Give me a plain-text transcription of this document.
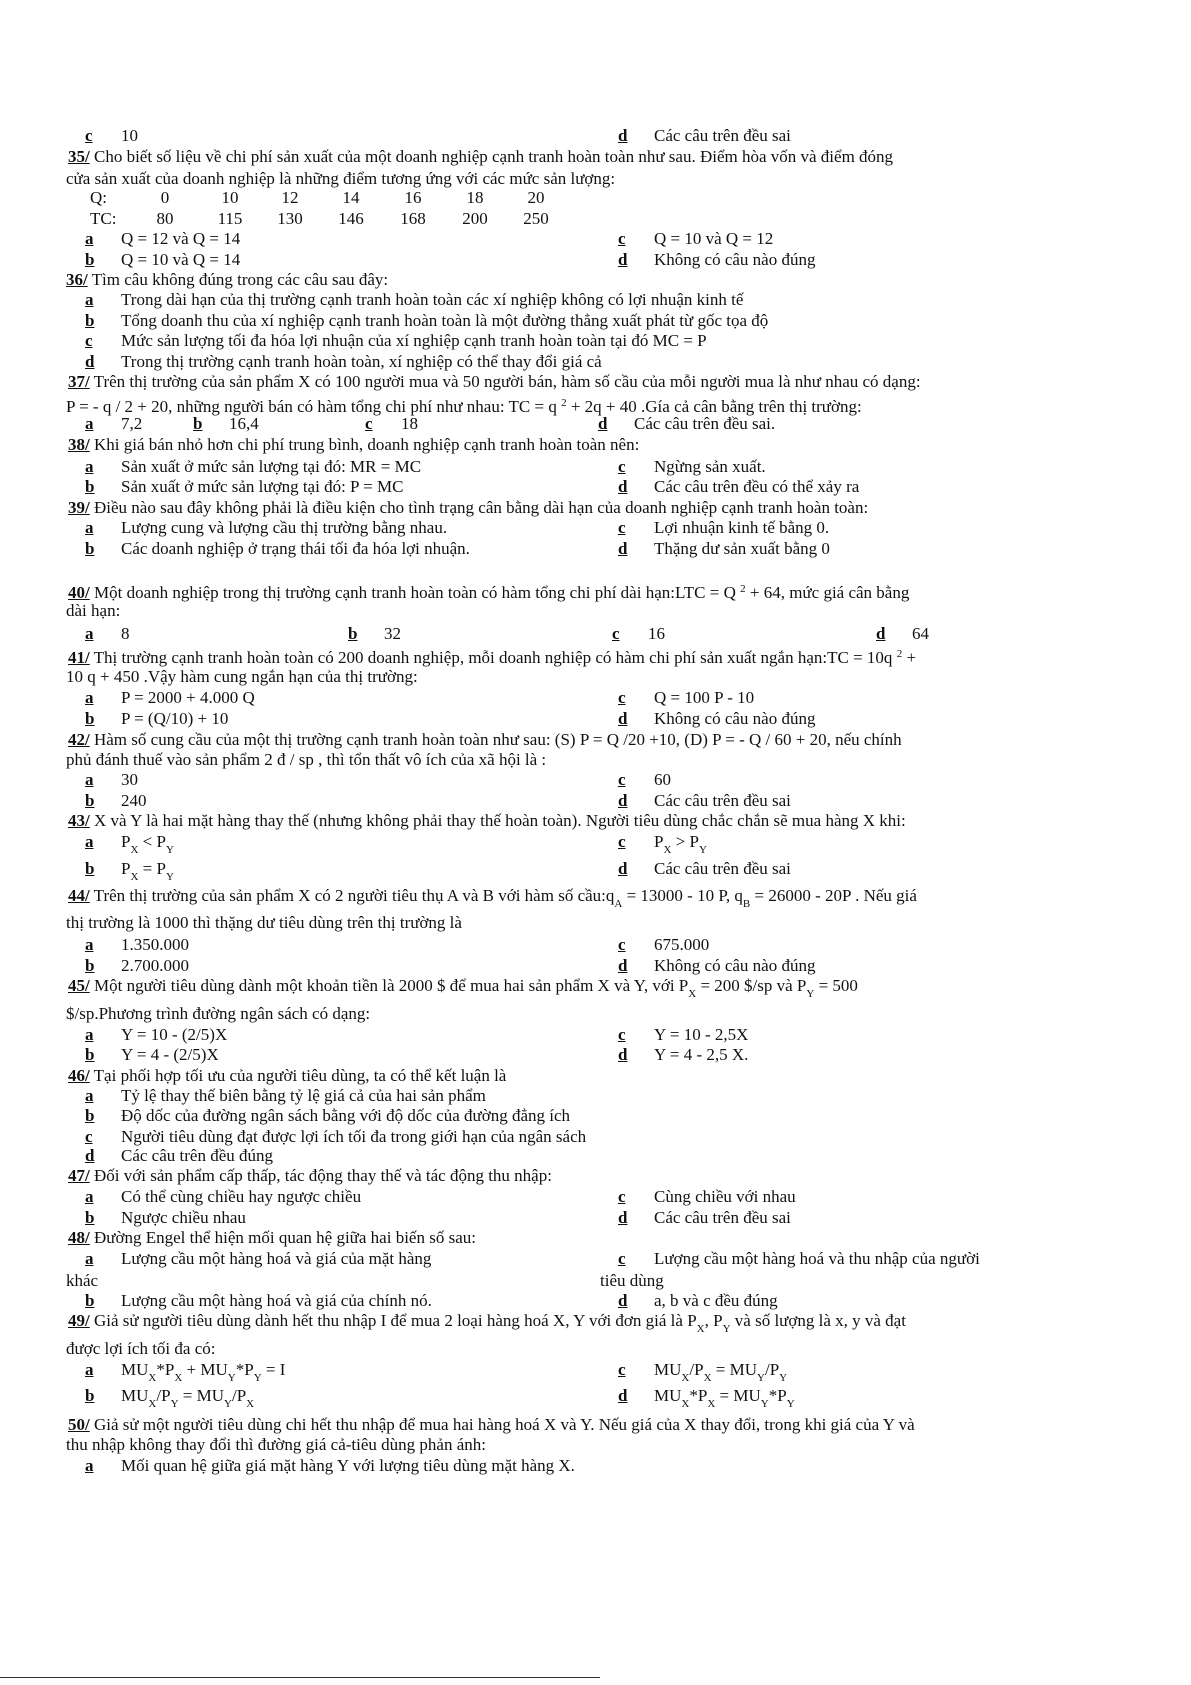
c 10	d Các câu trên đều sai
35/ Cho biết số liệu về chi phí sản xuất của một doanh nghiệp cạnh tranh hoàn toàn như sau. Điểm hòa vốn và điểm đóng
cửa sản xuất của doanh nghiệp là những điểm tương ứng với các mức sản lượng:
Q:	0	10	12	14	16	18	20
TC: 80	115 130 146 168 200 250
a Q = 12 và Q = 14	c Q = 10 và Q = 12
b Q = 10 và Q = 14	d Không có câu nào đúng
36/ Tìm câu không đúng trong các câu sau đây:
a Trong dài hạn của thị trường cạnh tranh hoàn toàn các xí nghiệp không có lợi nhuận kinh tế
b Tổng doanh thu của xí nghiệp cạnh tranh hoàn toàn là một đường thẳng xuất phát từ gốc tọa độ
c Mức sản lượng tối đa hóa lợi nhuận của xí nghiệp cạnh tranh hoàn toàn tại đó MC = P
d Trong thị trường cạnh tranh hoàn toàn, xí nghiệp có thể thay đổi giá cả
37/ Trên thị trường của sản phẩm X có 100 người mua và 50 người bán, hàm số cầu của mỗi người mua là như nhau có dạng:
P = - q / 2 + 20, những người bán có hàm tổng chi phí như nhau: TC = q $^2$ + 2q + 40 .Gía cả cân bằng trên thị trường:
a 7,2	b 16,4	c 18	d Các câu trên đều sai.
38/ Khi giá bán nhỏ hơn chi phí trung bình, doanh nghiệp cạnh tranh hoàn toàn nên:
a Sản xuất ở mức sản lượng tại đó: MR = MC	c Ngừng sản xuất.
b Sản xuất ở mức sản lượng tại đó: P = MC	d Các câu trên đều có thể xảy ra
39/ Điều nào sau đây không phải là điều kiện cho tình trạng cân bằng dài hạn của doanh nghiệp cạnh tranh hoàn toàn:
a Lượng cung và lượng cầu thị trường bằng nhau.	c Lợi nhuận kinh tế bằng 0.
b Các doanh nghiệp ở trạng thái tối đa hóa lợi nhuận.	d Thặng dư sản xuất bằng 0
40/ Một doanh nghiệp trong thị trường cạnh tranh hoàn toàn có hàm tổng chi phí dài hạn:LTC = Q $^2$ + 64, mức giá cân bằng
dài hạn:
a 8	b 32	c 16	d 64
41/ Thị trường cạnh tranh hoàn toàn có 200 doanh nghiệp, mỗi doanh nghiệp có hàm chi phí sản xuất ngắn hạn:TC = 10q $^2$ +
10 q + 450 .Vậy hàm cung ngắn hạn của thị trường:
a P = 2000 + 4.000 Q	c Q = 100 P - 10
b P = (Q/10) + 10	d Không có câu nào đúng
42/ Hàm số cung cầu của một thị trường cạnh tranh hoàn toàn như sau: (S) P = Q /20 +10, (D) P = - Q / 60 + 20, nếu chính
phủ đánh thuế vào sản phẩm 2 đ / sp , thì tổn thất vô ích của xã hội là :
a 30	c 60
b 240	d Các câu trên đều sai
43/ X và Y là hai mặt hàng thay thế (nhưng không phải thay thế hoàn toàn). Người tiêu dùng chắc chắn sẽ mua hàng X khi:
a $P_X < P_Y$	c $P_X > P_Y$
b $P_X = P_Y$	d Các câu trên đều sai
44/ Trên thị trường của sản phẩm X có 2 người tiêu thụ A và B với hàm số $cầu:q_A = 13000 - 10$ P, $q_B = 26000 - 20P$ . Nếu giá
thị trường là 1000 thì thặng dư tiêu dùng trên thị trường là
a 1.350.000	c 675.000
b 2.700.000	d Không có câu nào đúng
45/ Một người tiêu dùng dành một khoản tiền là 2000 $ để mua hai sản phẩm X và Y, với $P_X = 200$ $/sp và $P_Y = 500$
$/sp.Phương trình đường ngân sách có dạng:
a Y = 10 - (2/5)X	c Y = 10 - 2,5X
b Y = 4 - (2/5)X	d Y = 4 - 2,5 X.
46/ Tại phối hợp tối ưu của người tiêu dùng, ta có thể kết luận là
a Tỷ lệ thay thế biên bằng tỷ lệ giá cả của hai sản phẩm
b Độ dốc của đường ngân sách bằng với độ dốc của đường đẳng ích
c Người tiêu dùng đạt được lợi ích tối đa trong giới hạn của ngân sách
d Các câu trên đều đúng
47/ Đối với sản phẩm cấp thấp, tác động thay thế và tác động thu nhập:
a Có thể cùng chiều hay ngược chiều	c Cùng chiều với nhau
b Ngược chiều nhau	d Các câu trên đều sai
48/ Đường Engel thể hiện mối quan hệ giữa hai biến số sau:
a Lượng cầu một hàng hoá và giá của mặt hàng	c Lượng cầu một hàng hoá và thu nhập của người
khác	tiêu dùng
b Lượng cầu một hàng hoá và giá của chính nó.	d a, b và c đều đúng
49/ Giả sử người tiêu dùng dành hết thu nhập I để mua 2 loại hàng hoá X, Y với đơn giá là $P_X$, $P_Y$ và số lượng là x, y và đạt
được lợi ích tối đa có:
a $MU_X*P_X + MU_Y*P_Y = I$	c $MU_X/P_X = MU_Y/P_Y$
b $MU_X/P_Y = MU_Y/P_X$	d $MU_X*P_X = MU_Y*P_Y$
50/ Giả sử một người tiêu dùng chi hết thu nhập để mua hai hàng hoá X và Y. Nếu giá của X thay đổi, trong khi giá của Y và
thu nhập không thay đổi thì đường giá cả-tiêu dùng phản ánh:
a Mối quan hệ giữa giá mặt hàng Y với lượng tiêu dùng mặt hàng X.
